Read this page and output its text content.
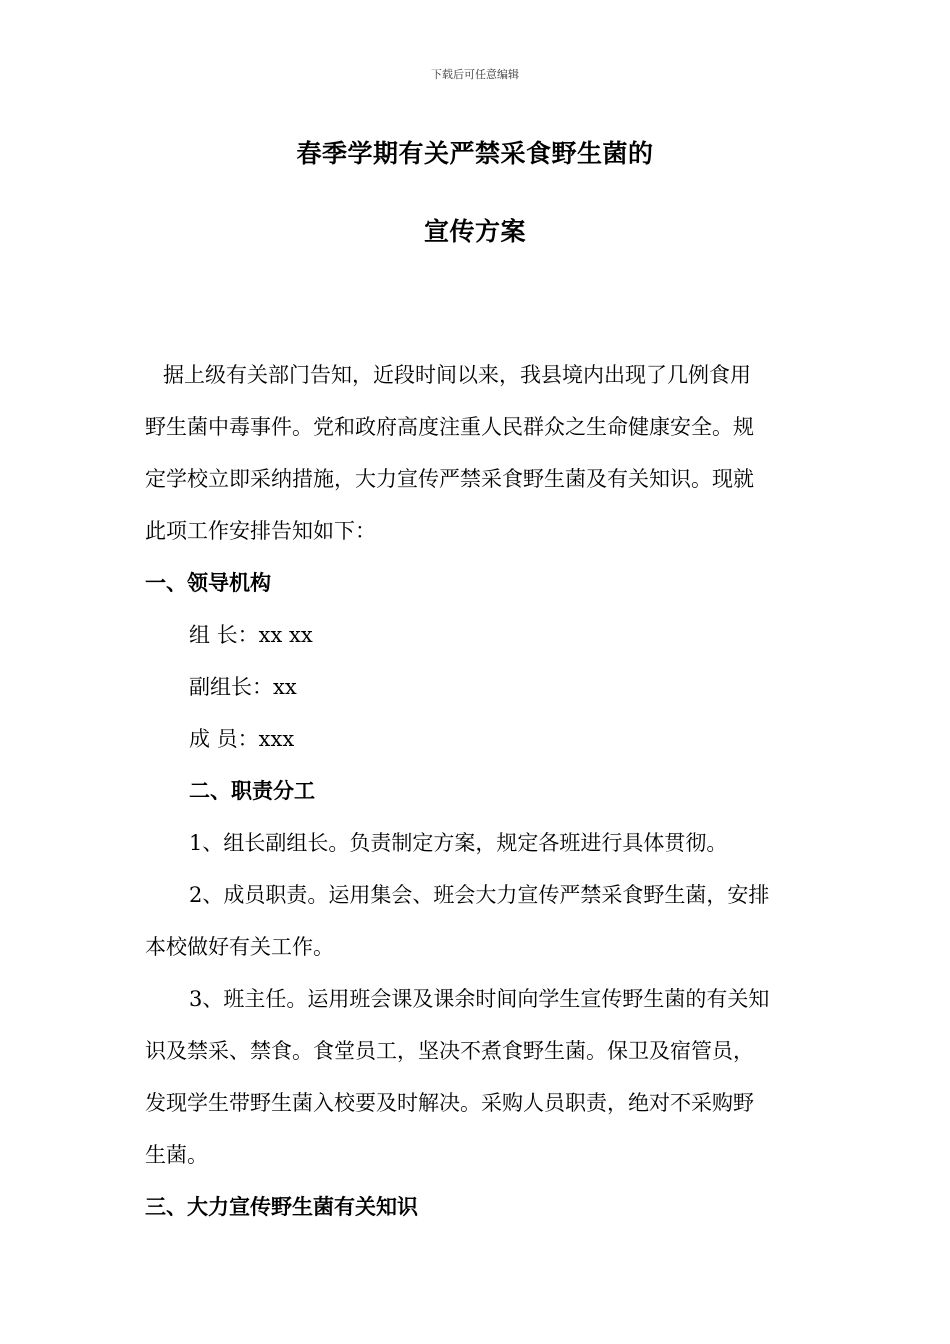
下载后可任意编辑
春季学期有关严禁采食野生菌的
宣传方案

据上级有关部门告知，近段时间以来，我县境内出现了几例食用

野生菌中毒事件。党和政府高度注重人民群众之生命健康安全。规

定学校立即采纳措施，大力宣传严禁采食野生菌及有关知识。现就

此项工作安排告知如下：

一、领导机构

组 长：xx xx

副组长：xx

成 员：xxx

二、职责分工

1、组长副组长。负责制定方案，规定各班进行具体贯彻。

2、成员职责。运用集会、班会大力宣传严禁采食野生菌，安排

本校做好有关工作。

3、班主任。运用班会课及课余时间向学生宣传野生菌的有关知

识及禁采、禁食。食堂员工，坚决不煮食野生菌。保卫及宿管员，

发现学生带野生菌入校要及时解决。采购人员职责，绝对不采购野

生菌。

三、大力宣传野生菌有关知识
